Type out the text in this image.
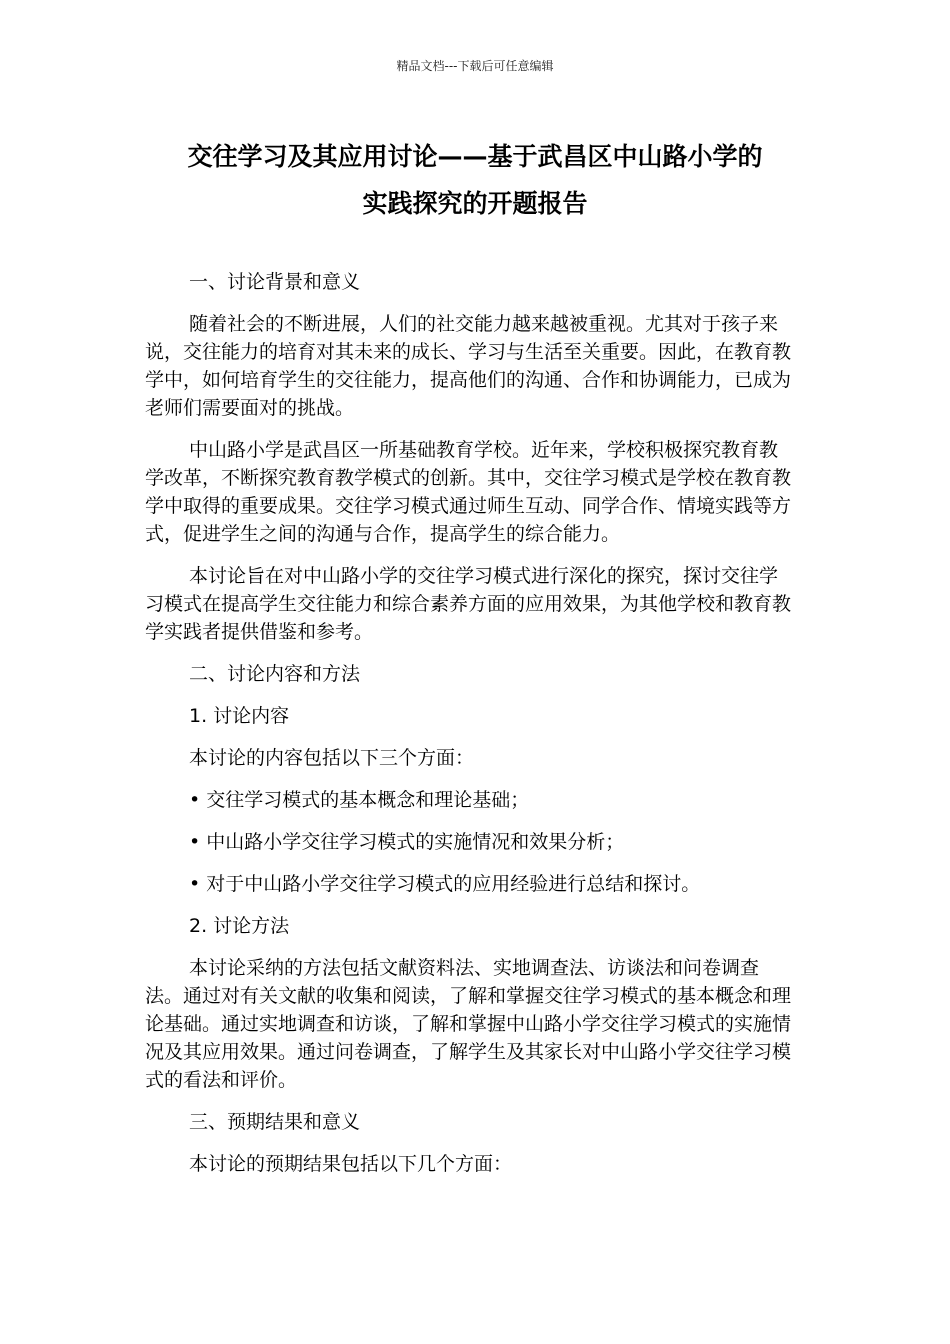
精品文档---下载后可任意编辑
交往学习及其应用讨论——基于武昌区中山路小学的
实践探究的开题报告

一、讨论背景和意义

随着社会的不断进展，人们的社交能力越来越被重视。尤其对于孩子来说，交往能力的培育对其未来的成长、学习与生活至关重要。因此，在教育教学中，如何培育学生的交往能力，提高他们的沟通、合作和协调能力，已成为老师们需要面对的挑战。

中山路小学是武昌区一所基础教育学校。近年来，学校积极探究教育教学改革，不断探究教育教学模式的创新。其中，交往学习模式是学校在教育教学中取得的重要成果。交往学习模式通过师生互动、同学合作、情境实践等方式，促进学生之间的沟通与合作，提高学生的综合能力。

本讨论旨在对中山路小学的交往学习模式进行深化的探究，探讨交往学习模式在提高学生交往能力和综合素养方面的应用效果，为其他学校和教育教学实践者提供借鉴和参考。

二、讨论内容和方法

1. 讨论内容

本讨论的内容包括以下三个方面：

• 交往学习模式的基本概念和理论基础；

• 中山路小学交往学习模式的实施情况和效果分析；

• 对于中山路小学交往学习模式的应用经验进行总结和探讨。

2. 讨论方法

本讨论采纳的方法包括文献资料法、实地调查法、访谈法和问卷调查法。通过对有关文献的收集和阅读，了解和掌握交往学习模式的基本概念和理论基础。通过实地调查和访谈，了解和掌握中山路小学交往学习模式的实施情况及其应用效果。通过问卷调查，了解学生及其家长对中山路小学交往学习模式的看法和评价。

三、预期结果和意义

本讨论的预期结果包括以下几个方面：
